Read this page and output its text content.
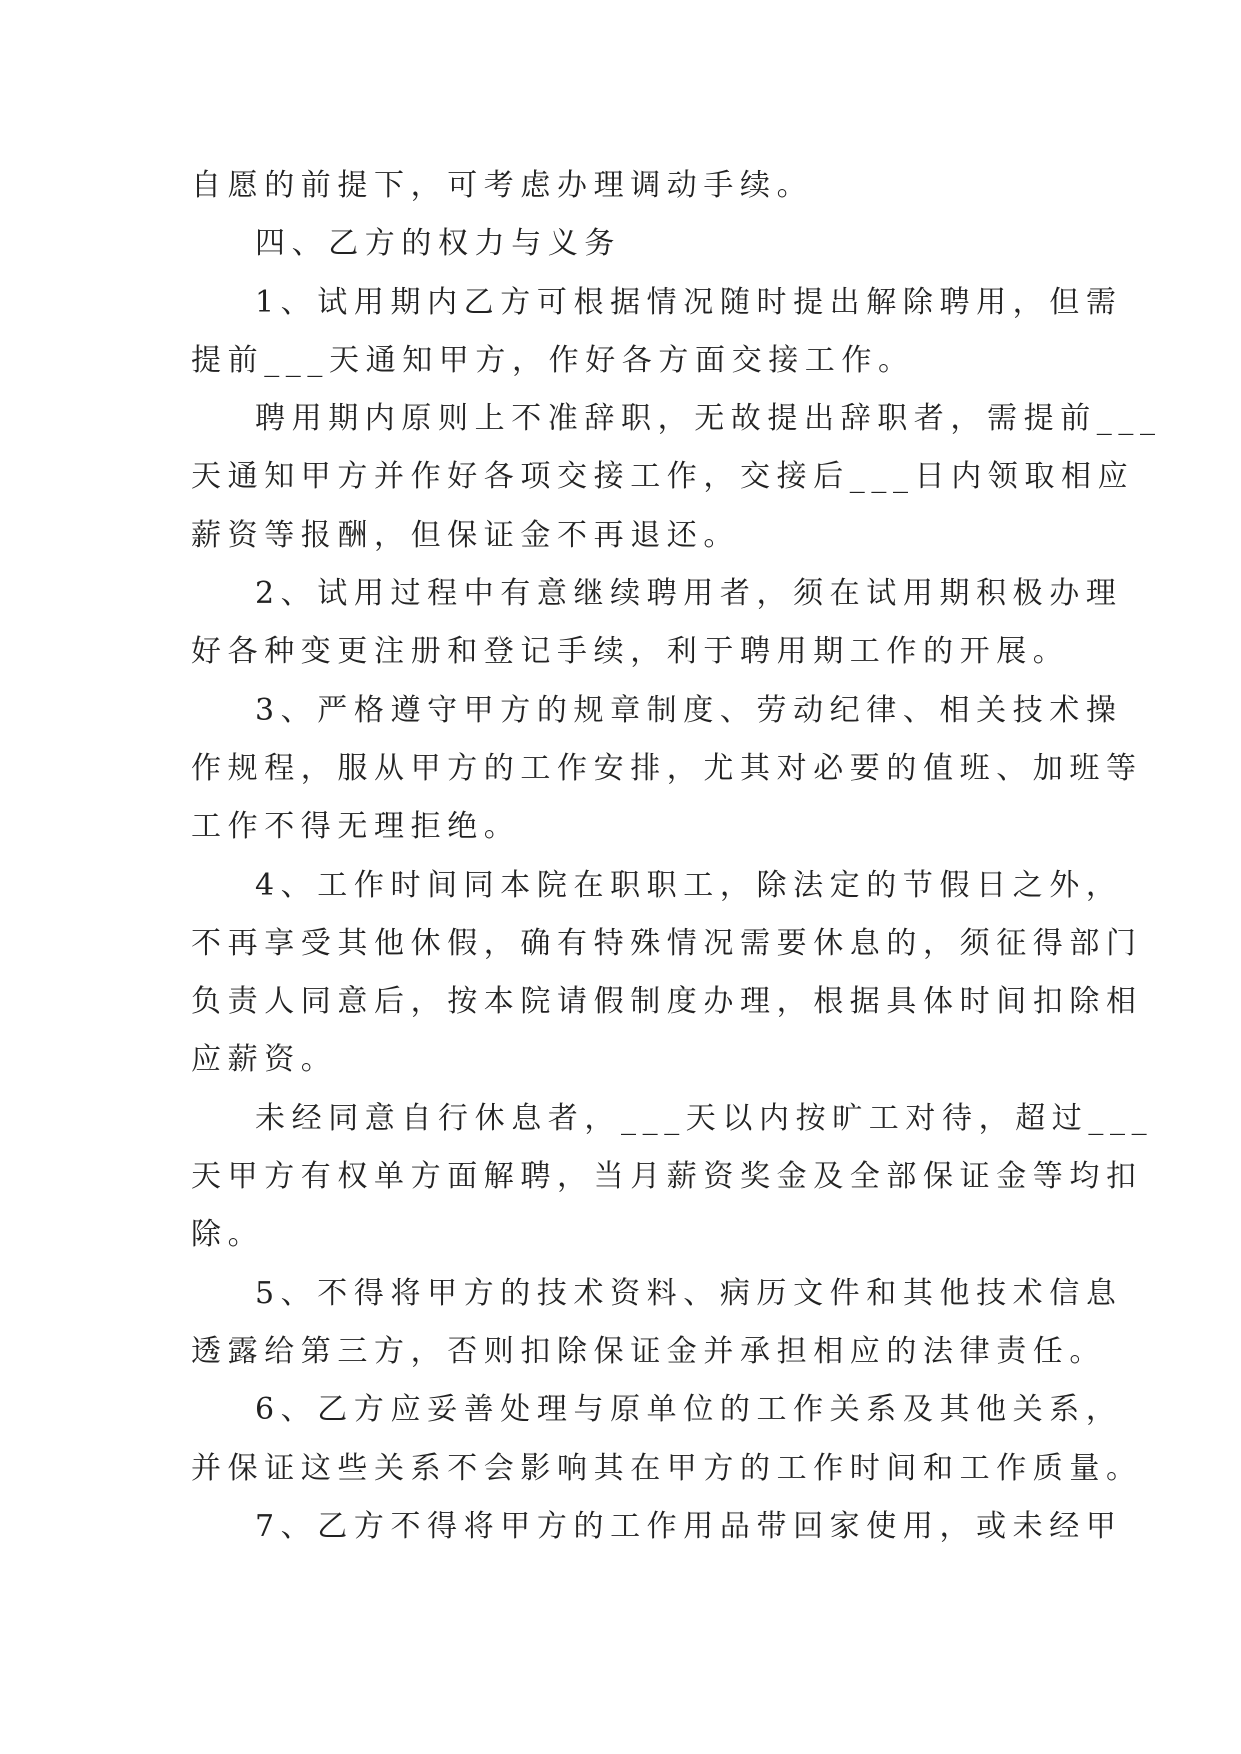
自愿的前提下，可考虑办理调动手续。
四、乙方的权力与义务
1、试用期内乙方可根据情况随时提出解除聘用，但需
提前___天通知甲方，作好各方面交接工作。
聘用期内原则上不准辞职，无故提出辞职者，需提前___
天通知甲方并作好各项交接工作，交接后___日内领取相应
薪资等报酬，但保证金不再退还。
2、试用过程中有意继续聘用者，须在试用期积极办理
好各种变更注册和登记手续，利于聘用期工作的开展。
3、严格遵守甲方的规章制度、劳动纪律、相关技术操
作规程，服从甲方的工作安排，尤其对必要的值班、加班等
工作不得无理拒绝。
4、工作时间同本院在职职工，除法定的节假日之外，
不再享受其他休假，确有特殊情况需要休息的，须征得部门
负责人同意后，按本院请假制度办理，根据具体时间扣除相
应薪资。
未经同意自行休息者，___天以内按旷工对待，超过___
天甲方有权单方面解聘，当月薪资奖金及全部保证金等均扣
除。
5、不得将甲方的技术资料、病历文件和其他技术信息
透露给第三方，否则扣除保证金并承担相应的法律责任。
6、乙方应妥善处理与原单位的工作关系及其他关系，
并保证这些关系不会影响其在甲方的工作时间和工作质量。
7、乙方不得将甲方的工作用品带回家使用，或未经甲
